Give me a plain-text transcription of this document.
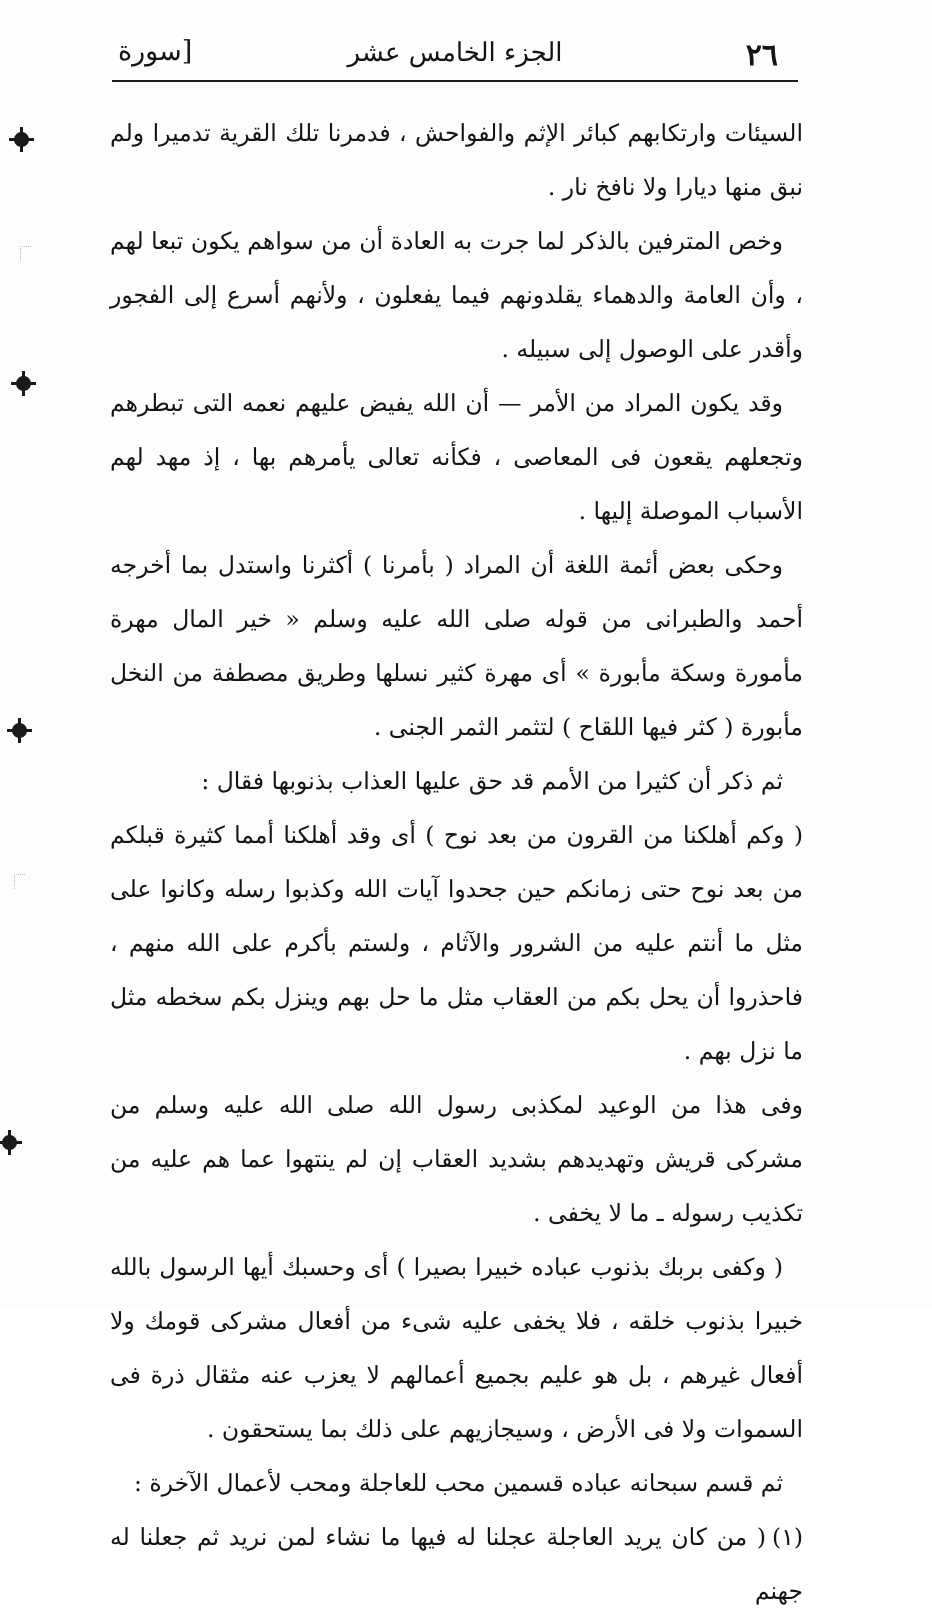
٢٦
الجزء الخامس عشر
[سورة

السيئات وارتكابهم كبائر الإثم والفواحش ، فدمرنا تلك القرية تدميرا ولم نبق منها ديارا ولا نافخ نار .

وخص المترفين بالذكر لما جرت به العادة أن من سواهم يكون تبعا لهم ، وأن العامة والدهماء يقلدونهم فيما يفعلون ، ولأنهم أسرع إلى الفجور وأقدر على الوصول إلى سبيله .

وقد يكون المراد من الأمر — أن الله يفيض عليهم نعمه التى تبطرهم وتجعلهم يقعون فى المعاصى ، فكأنه تعالى يأمرهم بها ، إذ مهد لهم الأسباب الموصلة إليها .

وحكى بعض أئمة اللغة أن المراد ( بأمرنا ) أكثرنا واستدل بما أخرجه أحمد والطبرانى من قوله صلى الله عليه وسلم « خير المال مهرة مأمورة وسكة مأبورة » أى مهرة كثير نسلها وطريق مصطفة من النخل مأبورة ( كثر فيها اللقاح ) لتثمر الثمر الجنى .

ثم ذكر أن كثيرا من الأمم قد حق عليها العذاب بذنوبها فقال :

( وكم أهلكنا من القرون من بعد نوح ) أى وقد أهلكنا أمما كثيرة قبلكم من بعد نوح حتى زمانكم حين جحدوا آيات الله وكذبوا رسله وكانوا على مثل ما أنتم عليه من الشرور والآثام ، ولستم بأكرم على الله منهم ، فاحذروا أن يحل بكم من العقاب مثل ما حل بهم وينزل بكم سخطه مثل ما نزل بهم .

وفى هذا من الوعيد لمكذبى رسول الله صلى الله عليه وسلم من مشركى قريش وتهديدهم بشديد العقاب إن لم ينتهوا عما هم عليه من تكذيب رسوله ـ ما لا يخفى .

( وكفى بربك بذنوب عباده خبيرا بصيرا ) أى وحسبك أيها الرسول بالله خبيرا بذنوب خلقه ، فلا يخفى عليه شىء من أفعال مشركى قومك ولا أفعال غيرهم ، بل هو عليم بجميع أعمالهم لا يعزب عنه مثقال ذرة فى السموات ولا فى الأرض ، وسيجازيهم على ذلك بما يستحقون .

ثم قسم سبحانه عباده قسمين محب للعاجلة ومحب لأعمال الآخرة :

(١)( من كان يريد العاجلة عجلنا له فيها ما نشاء لمن نريد ثم جعلنا له جهنم
